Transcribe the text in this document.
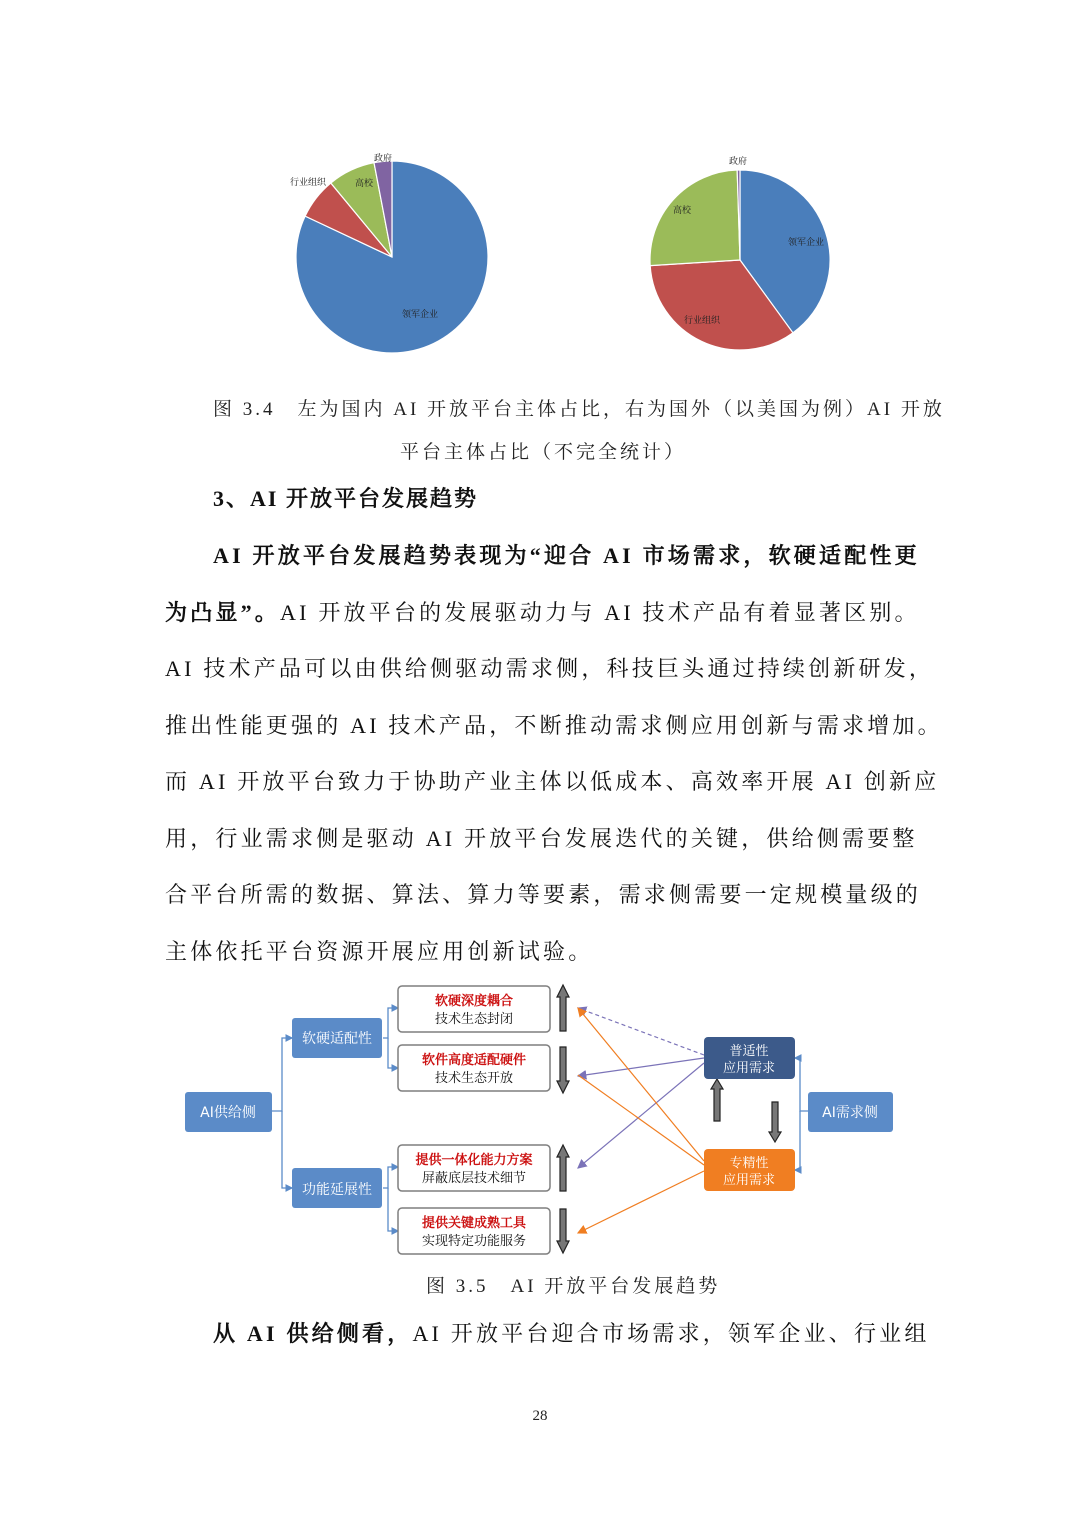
领军企业
行业组织	高校
政府
领军企业
行业组织
高校
政府
图 3.4　左为国内 AI 开放平台主体占比，右为国外（以美国为例）AI 开放
平台主体占比（不完全统计）
3、AI 开放平台发展趋势
AI 开放平台发展趋势表现为“迎合 AI 市场需求，软硬适配性更
为凸显”。AI 开放平台的发展驱动力与 AI 技术产品有着显著区别。
AI 技术产品可以由供给侧驱动需求侧，科技巨头通过持续创新研发，
推出性能更强的 AI 技术产品，不断推动需求侧应用创新与需求增加。
而 AI 开放平台致力于协助产业主体以低成本、高效率开展 AI 创新应
用，行业需求侧是驱动 AI 开放平台发展迭代的关键，供给侧需要整
合平台所需的数据、算法、算力等要素，需求侧需要一定规模量级的
主体依托平台资源开展应用创新试验。
AI供给侧	AI需求侧
软硬适配性
功能延展性
软硬深度耦合
技术生态封闭
软件高度适配硬件
技术生态开放
提供一体化能力方案
屏蔽底层技术细节
提供关键成熟工具
实现特定功能服务
普适性
应用需求
专精性
应用需求
图 3.5　AI 开放平台发展趋势
从 AI 供给侧看，AI 开放平台迎合市场需求，领军企业、行业组
28
